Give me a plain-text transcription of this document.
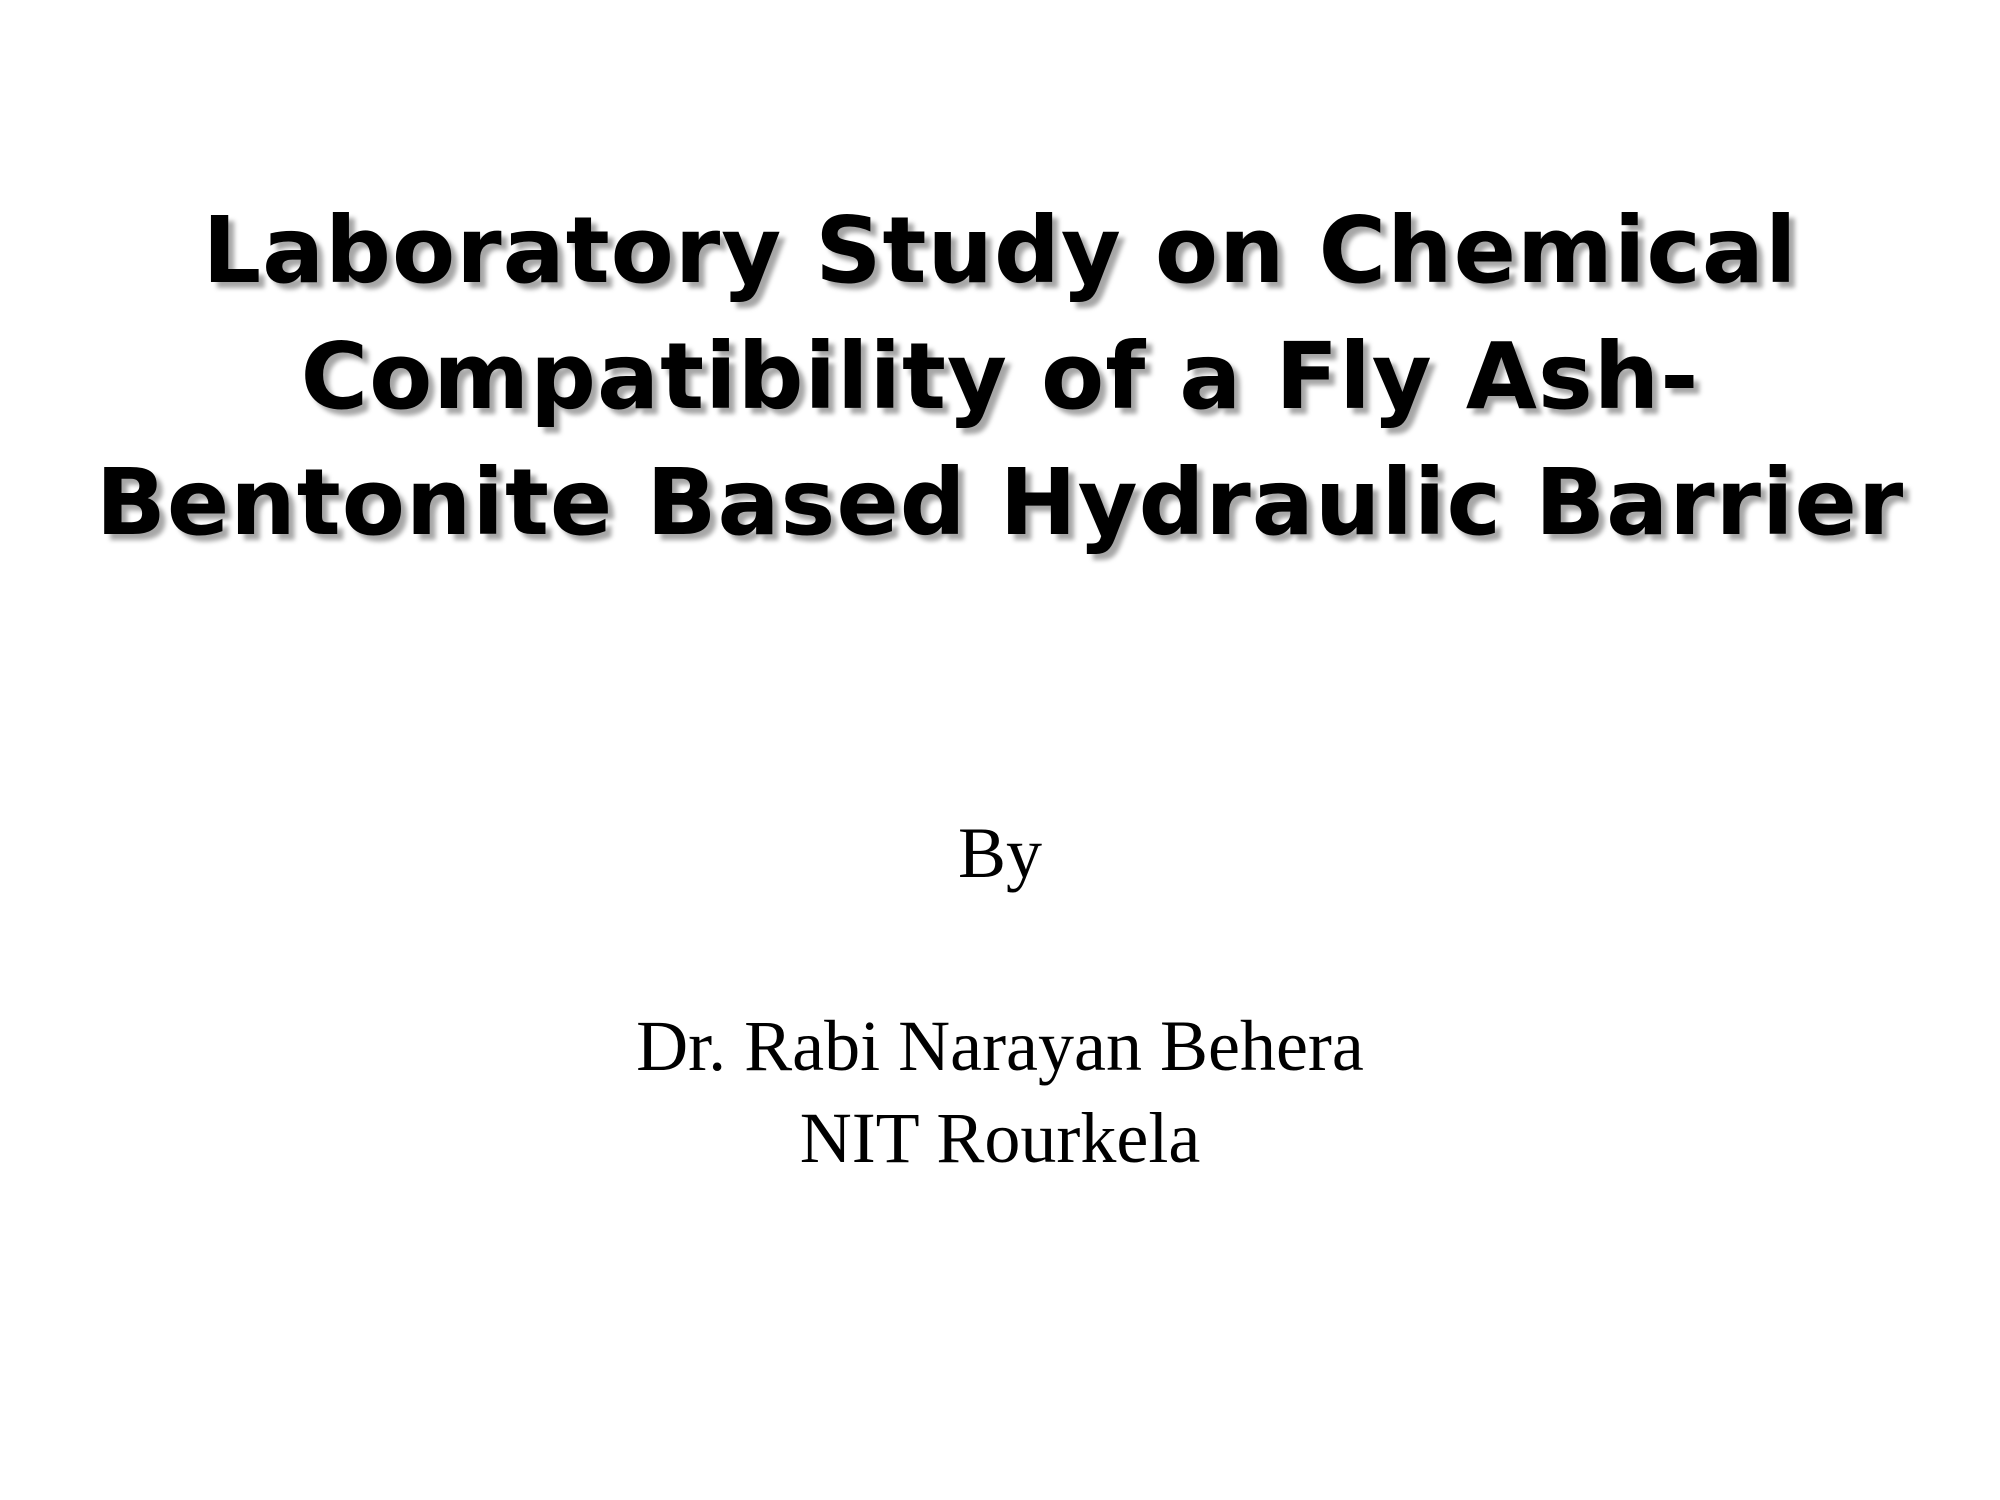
Laboratory Study on Chemical
Compatibility of a Fly Ash-
Bentonite Based Hydraulic Barrier
By
Dr. Rabi Narayan Behera
NIT Rourkela
